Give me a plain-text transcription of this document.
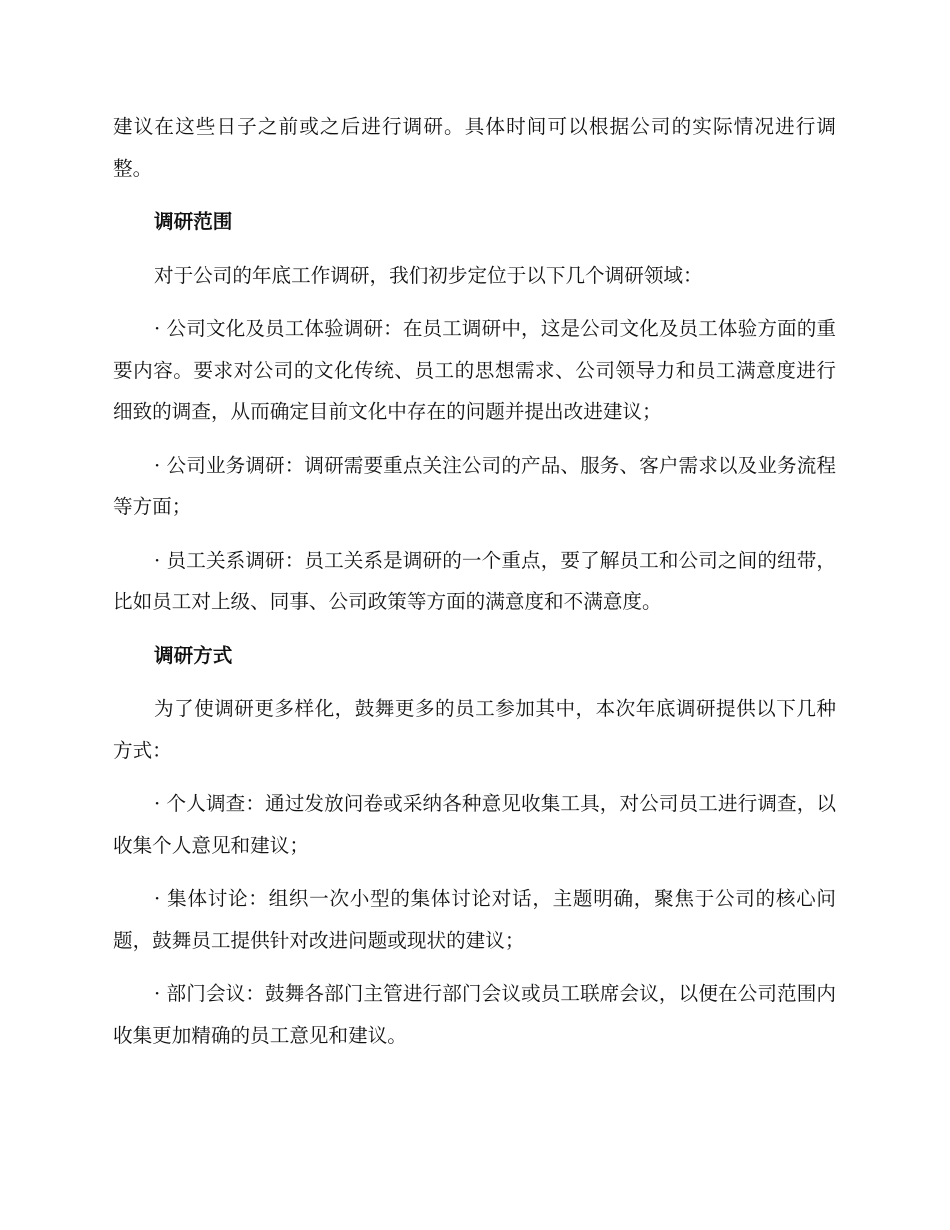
建议在这些日子之前或之后进行调研。具体时间可以根据公司的实际情况进行调整。

调研范围

对于公司的年底工作调研，我们初步定位于以下几个调研领域：

· 公司文化及员工体验调研：在员工调研中，这是公司文化及员工体验方面的重要内容。要求对公司的文化传统、员工的思想需求、公司领导力和员工满意度进行细致的调查，从而确定目前文化中存在的问题并提出改进建议；

· 公司业务调研：调研需要重点关注公司的产品、服务、客户需求以及业务流程等方面；

· 员工关系调研：员工关系是调研的一个重点，要了解员工和公司之间的纽带，比如员工对上级、同事、公司政策等方面的满意度和不满意度。

调研方式

为了使调研更多样化，鼓舞更多的员工参加其中，本次年底调研提供以下几种方式：

· 个人调查：通过发放问卷或采纳各种意见收集工具，对公司员工进行调查，以收集个人意见和建议；

· 集体讨论：组织一次小型的集体讨论对话，主题明确，聚焦于公司的核心问题，鼓舞员工提供针对改进问题或现状的建议；

· 部门会议：鼓舞各部门主管进行部门会议或员工联席会议，以便在公司范围内收集更加精确的员工意见和建议。
